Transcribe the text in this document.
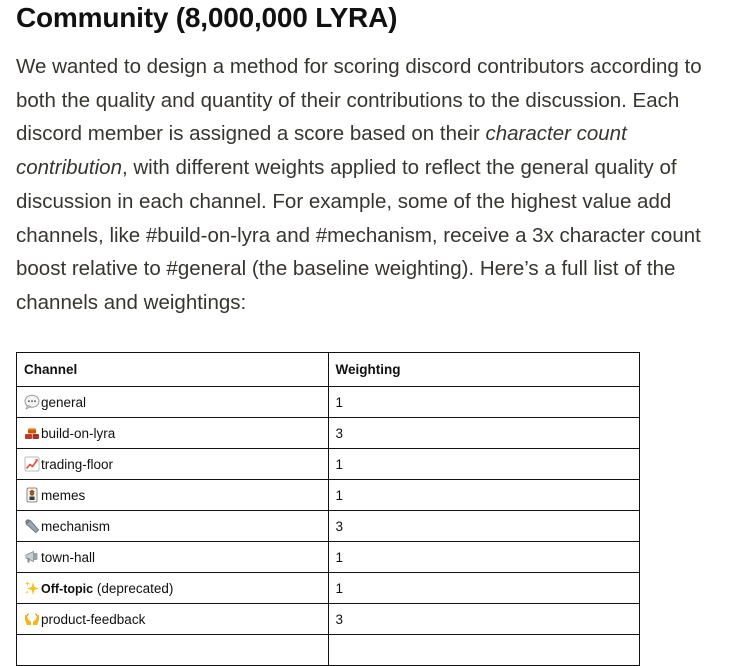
Community (8,000,000 LYRA)

We wanted to design a method for scoring discord contributors according to both the quality and quantity of their contributions to the discussion. Each discord member is assigned a score based on their character count contribution, with different weights applied to reflect the general quality of discussion in each channel. For example, some of the highest value add channels, like #build-on-lyra and #mechanism, receive a 3x character count boost relative to #general (the baseline weighting). Here’s a full list of the channels and weightings:

Channel	Weighting
general	1
build-on-lyra	3
trading-floor	1
memes	1
mechanism	3
town-hall	1
Off-topic (deprecated)	1
product-feedback	3
